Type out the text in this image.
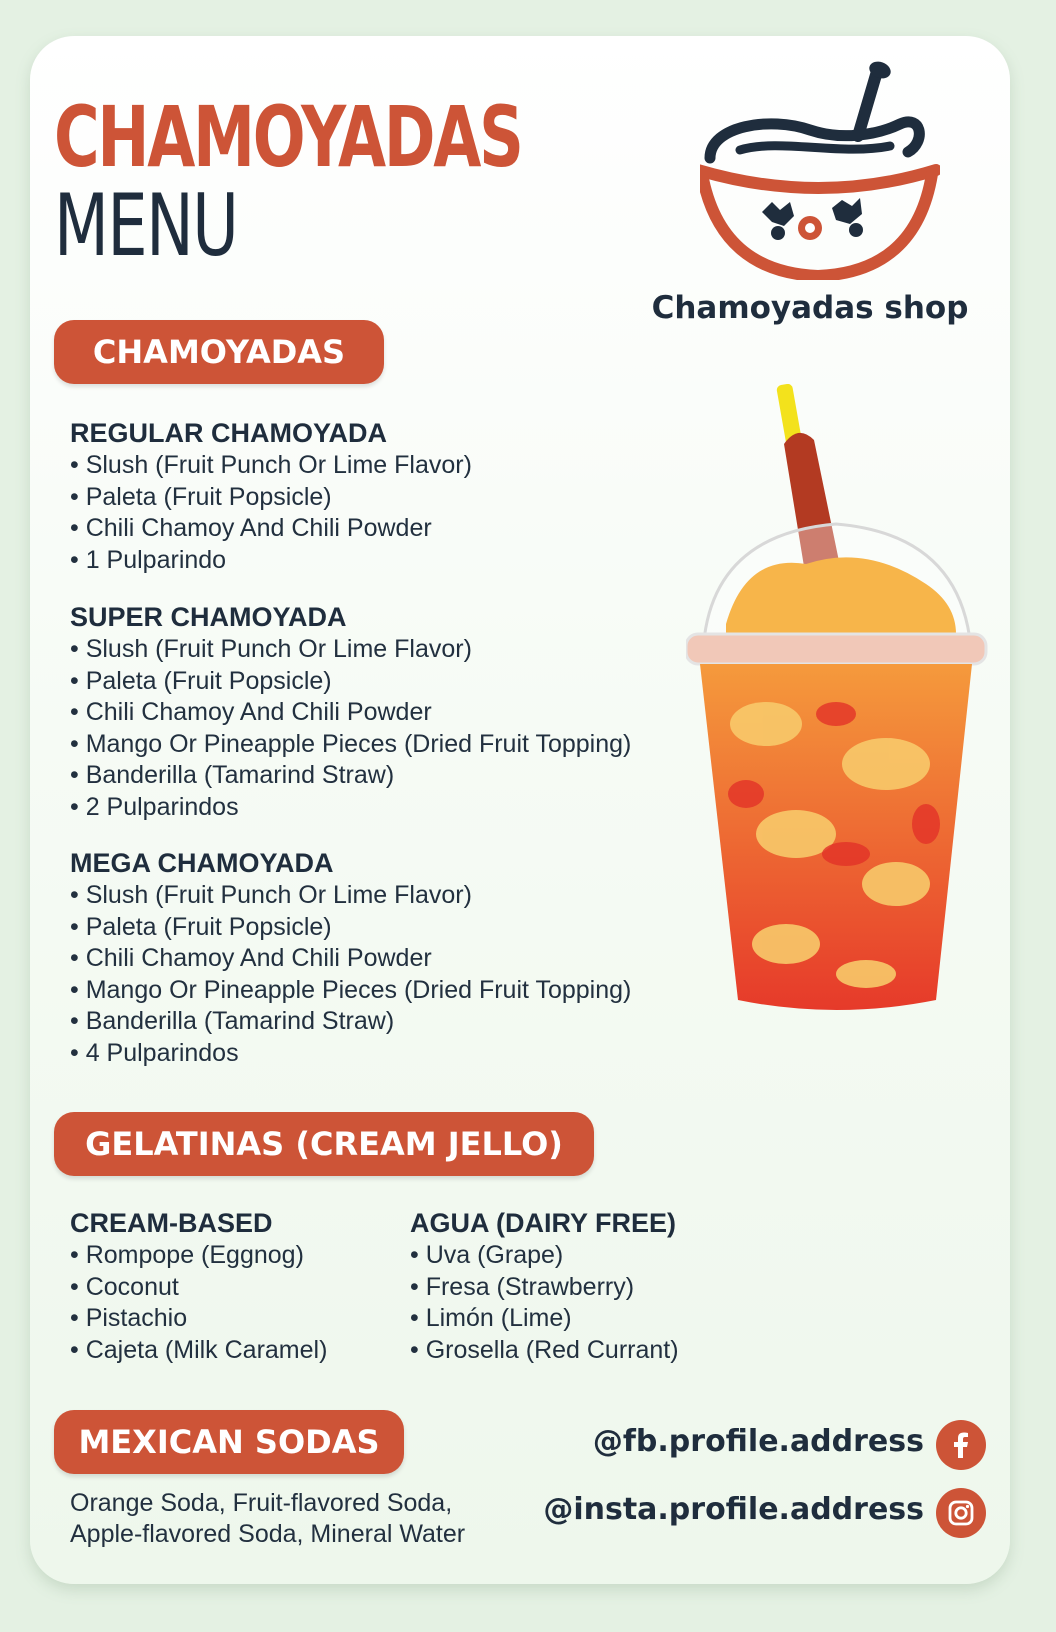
CHAMOYADAS
MENU
Chamoyadas shop
CHAMOYADAS
REGULAR CHAMOYADA
• Slush (Fruit Punch Or Lime Flavor)
• Paleta (Fruit Popsicle)
• Chili Chamoy And Chili Powder
• 1 Pulparindo
SUPER CHAMOYADA
• Slush (Fruit Punch Or Lime Flavor)
• Paleta (Fruit Popsicle)
• Chili Chamoy And Chili Powder
• Mango Or Pineapple Pieces (Dried Fruit Topping)
• Banderilla (Tamarind Straw)
• 2 Pulparindos
MEGA CHAMOYADA
• Slush (Fruit Punch Or Lime Flavor)
• Paleta (Fruit Popsicle)
• Chili Chamoy And Chili Powder
• Mango Or Pineapple Pieces (Dried Fruit Topping)
• Banderilla (Tamarind Straw)
• 4 Pulparindos
GELATINAS (CREAM JELLO)
CREAM-BASED
• Rompope (Eggnog)
• Coconut
• Pistachio
• Cajeta (Milk Caramel)
AGUA (DAIRY FREE)
• Uva (Grape)
• Fresa (Strawberry)
• Limón (Lime)
• Grosella (Red Currant)
MEXICAN SODAS
Orange Soda, Fruit-flavored Soda,
Apple-flavored Soda, Mineral Water
@fb.profile.address
@insta.profile.address
